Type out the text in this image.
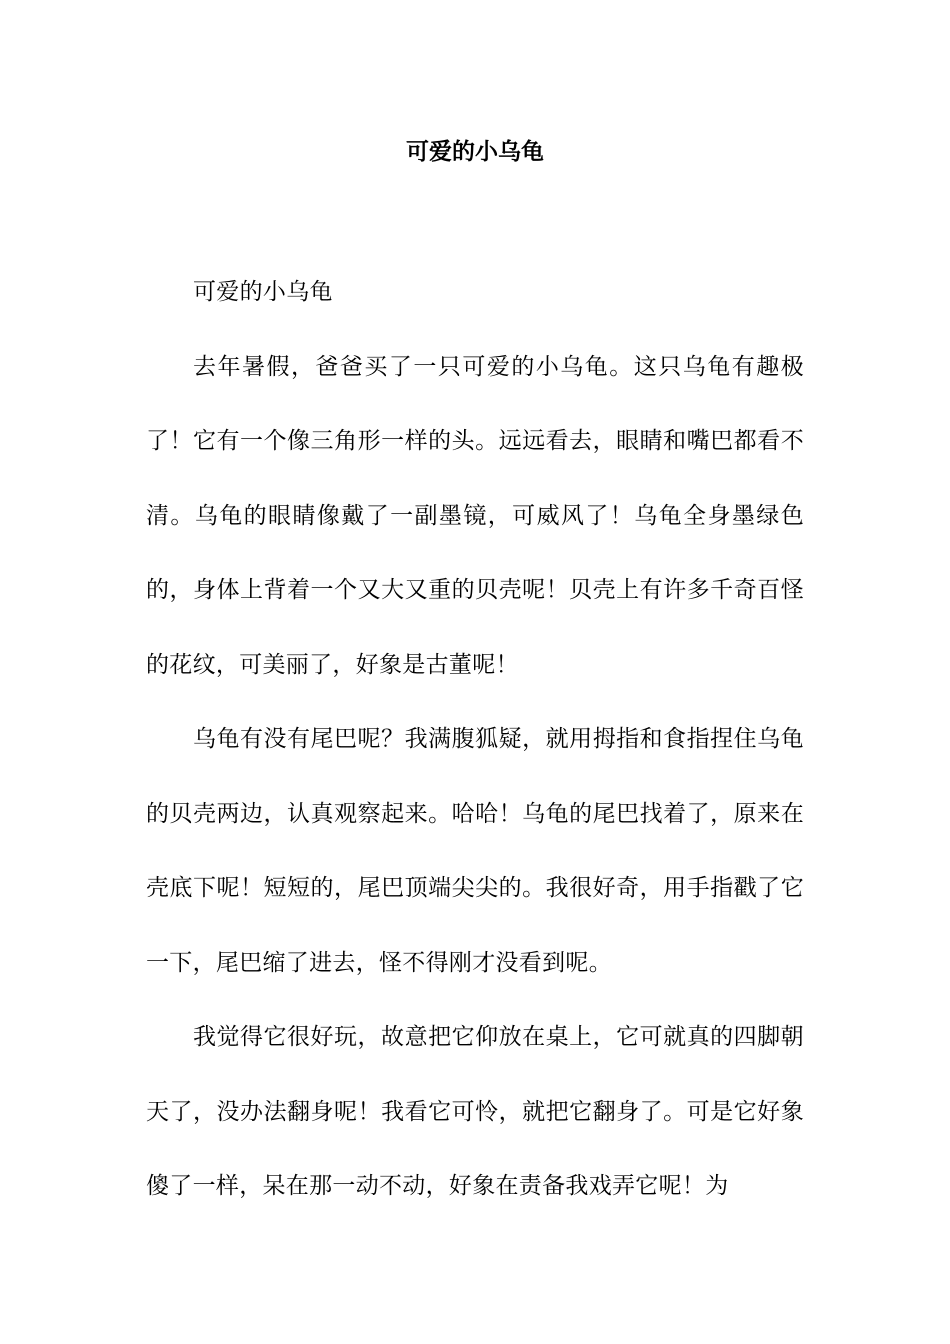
可爱的小乌龟

可爱的小乌龟

去年暑假，爸爸买了一只可爱的小乌龟。这只乌龟有趣极了！它有一个像三角形一样的头。远远看去，眼睛和嘴巴都看不清。乌龟的眼睛像戴了一副墨镜，可威风了！乌龟全身墨绿色的，身体上背着一个又大又重的贝壳呢！贝壳上有许多千奇百怪的花纹，可美丽了，好象是古董呢！

乌龟有没有尾巴呢？我满腹狐疑，就用拇指和食指捏住乌龟的贝壳两边，认真观察起来。哈哈！乌龟的尾巴找着了，原来在壳底下呢！短短的，尾巴顶端尖尖的。我很好奇，用手指戳了它一下，尾巴缩了进去，怪不得刚才没看到呢。

我觉得它很好玩，故意把它仰放在桌上，它可就真的四脚朝天了，没办法翻身呢！我看它可怜，就把它翻身了。可是它好象傻了一样，呆在那一动不动，好象在责备我戏弄它呢！为
